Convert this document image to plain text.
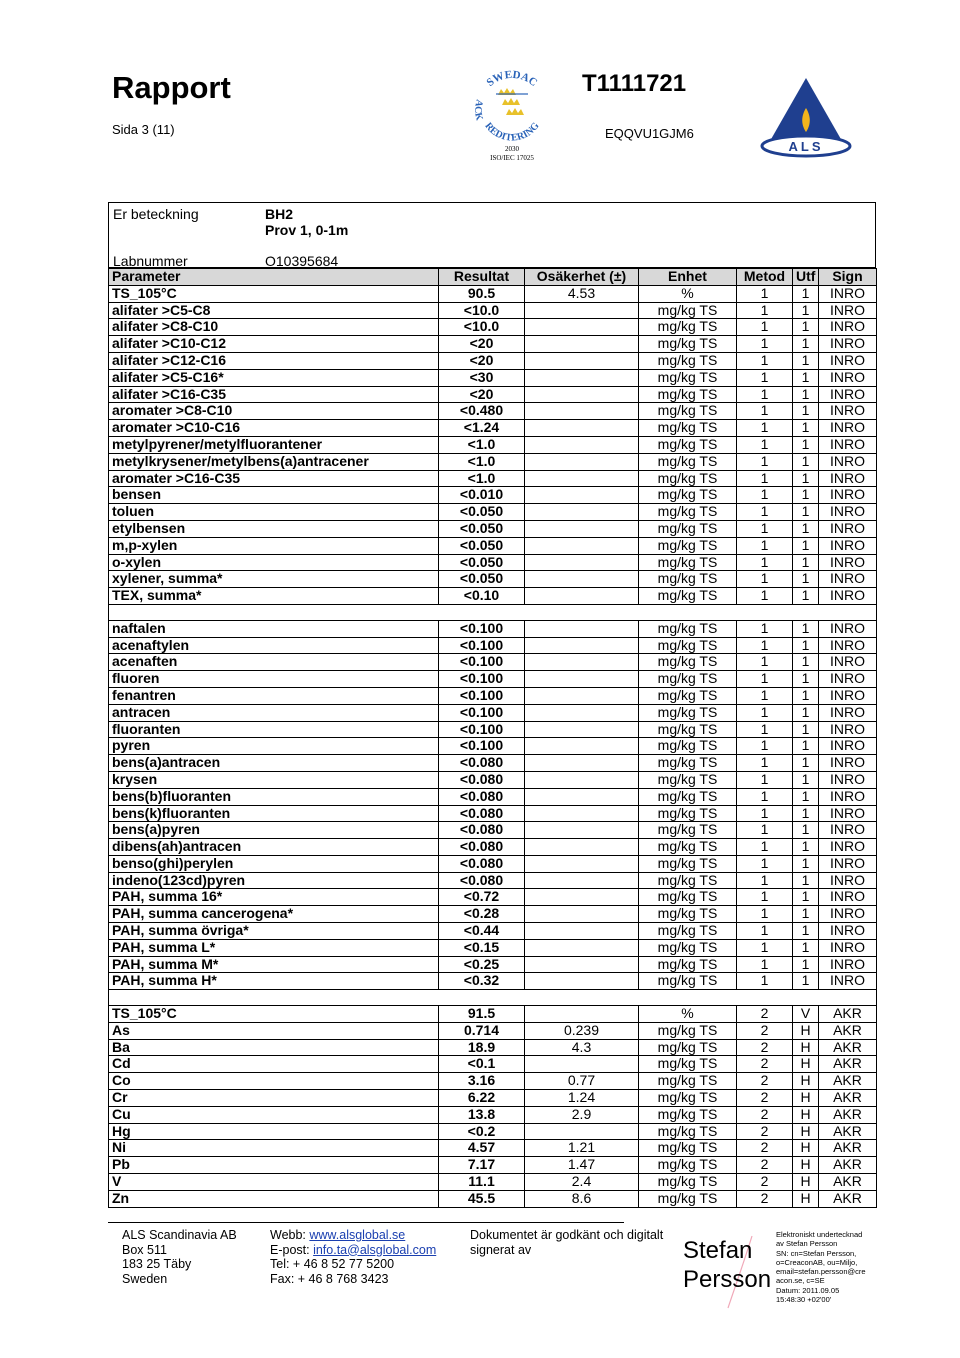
Rapport
Sida 3 (11)
T1111721
EQQVU1GJM6
SWEDAC
ACK
REDITERING
2030
ISO/IEC 17025
ALS
Er beteckning	BH2
Prov 1, 0-1m
Labnummer	O10395684
Parameter	Resultat	Osäkerhet (±)	Enhet	Metod	Utf	Sign
TS_105°C	90.5	4.53	%	1	1	INRO
alifater >C5-C8	<10.0		mg/kg TS	1	1	INRO
alifater >C8-C10	<10.0		mg/kg TS	1	1	INRO
alifater >C10-C12	<20		mg/kg TS	1	1	INRO
alifater >C12-C16	<20		mg/kg TS	1	1	INRO
alifater >C5-C16*	<30		mg/kg TS	1	1	INRO
alifater >C16-C35	<20		mg/kg TS	1	1	INRO
aromater >C8-C10	<0.480		mg/kg TS	1	1	INRO
aromater >C10-C16	<1.24		mg/kg TS	1	1	INRO
metylpyrener/metylfluorantener	<1.0		mg/kg TS	1	1	INRO
metylkrysener/metylbens(a)antracener	<1.0		mg/kg TS	1	1	INRO
aromater >C16-C35	<1.0		mg/kg TS	1	1	INRO
bensen	<0.010		mg/kg TS	1	1	INRO
toluen	<0.050		mg/kg TS	1	1	INRO
etylbensen	<0.050		mg/kg TS	1	1	INRO
m,p-xylen	<0.050		mg/kg TS	1	1	INRO
o-xylen	<0.050		mg/kg TS	1	1	INRO
xylener, summa*	<0.050		mg/kg TS	1	1	INRO
TEX, summa*	<0.10		mg/kg TS	1	1	INRO

naftalen	<0.100		mg/kg TS	1	1	INRO
acenaftylen	<0.100		mg/kg TS	1	1	INRO
acenaften	<0.100		mg/kg TS	1	1	INRO
fluoren	<0.100		mg/kg TS	1	1	INRO
fenantren	<0.100		mg/kg TS	1	1	INRO
antracen	<0.100		mg/kg TS	1	1	INRO
fluoranten	<0.100		mg/kg TS	1	1	INRO
pyren	<0.100		mg/kg TS	1	1	INRO
bens(a)antracen	<0.080		mg/kg TS	1	1	INRO
krysen	<0.080		mg/kg TS	1	1	INRO
bens(b)fluoranten	<0.080		mg/kg TS	1	1	INRO
bens(k)fluoranten	<0.080		mg/kg TS	1	1	INRO
bens(a)pyren	<0.080		mg/kg TS	1	1	INRO
dibens(ah)antracen	<0.080		mg/kg TS	1	1	INRO
benso(ghi)perylen	<0.080		mg/kg TS	1	1	INRO
indeno(123cd)pyren	<0.080		mg/kg TS	1	1	INRO
PAH, summa 16*	<0.72		mg/kg TS	1	1	INRO
PAH, summa cancerogena*	<0.28		mg/kg TS	1	1	INRO
PAH, summa övriga*	<0.44		mg/kg TS	1	1	INRO
PAH, summa L*	<0.15		mg/kg TS	1	1	INRO
PAH, summa M*	<0.25		mg/kg TS	1	1	INRO
PAH, summa H*	<0.32		mg/kg TS	1	1	INRO

TS_105°C	91.5		%	2	V	AKR
As	0.714	0.239	mg/kg TS	2	H	AKR
Ba	18.9	4.3	mg/kg TS	2	H	AKR
Cd	<0.1		mg/kg TS	2	H	AKR
Co	3.16	0.77	mg/kg TS	2	H	AKR
Cr	6.22	1.24	mg/kg TS	2	H	AKR
Cu	13.8	2.9	mg/kg TS	2	H	AKR
Hg	<0.2		mg/kg TS	2	H	AKR
Ni	4.57	1.21	mg/kg TS	2	H	AKR
Pb	7.17	1.47	mg/kg TS	2	H	AKR
V	11.1	2.4	mg/kg TS	2	H	AKR
Zn	45.5	8.6	mg/kg TS	2	H	AKR
ALS Scandinavia AB
Box 511
183 25 Täby
Sweden
Webb: www.alsglobal.se
E-post: info.ta@alsglobal.com
Tel: + 46 8 52 77 5200
Fax: + 46 8 768 3423
Dokumentet är godkänt och digitalt
signerat av	Stefan
Persson
Elektroniskt undertecknad
av Stefan Persson
SN: cn=Stefan Persson,
o=CreaconAB, ou=Miljo,
email=stefan.persson@cre
acon.se, c=SE
Datum: 2011.09.05
15:48:30 +02'00'
